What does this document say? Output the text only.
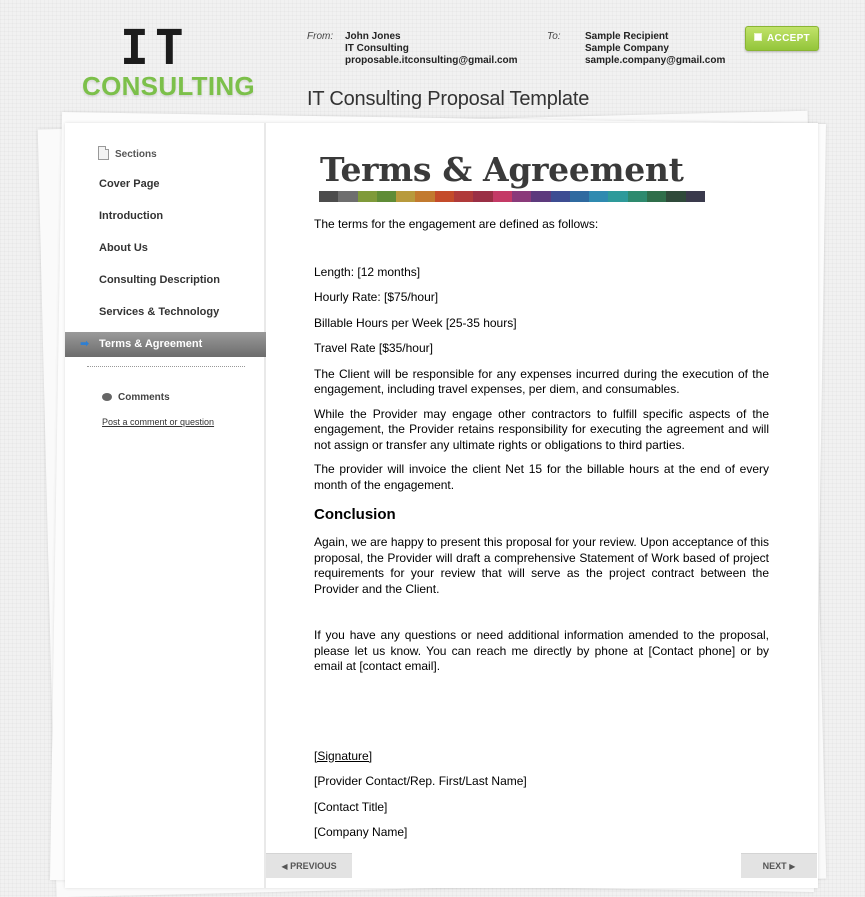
IT
CONSULTING
From: John Jones
IT Consulting
proposable.itconsulting@gmail.com
To: Sample Recipient
Sample Company
sample.company@gmail.com
ACCEPT
IT Consulting Proposal Template
Sections
Cover Page
Introduction
About Us
Consulting Description
Services & Technology
➡ Terms & Agreement
Comments
Post a comment or question
Terms & Agreement

The terms for the engagement are defined as follows:

Length: [12 months]

Hourly Rate: [$75/hour]

Billable Hours per Week [25-35 hours]

Travel Rate [$35/hour]

The Client will be responsible for any expenses incurred during the execution of the engagement, including travel expenses, per diem, and consumables.

While the Provider may engage other contractors to fulfill specific aspects of the engagement, the Provider retains responsibility for executing the agreement and will not assign or transfer any ultimate rights or obligations to third parties.

The provider will invoice the client Net 15 for the billable hours at the end of every month of the engagement.

Conclusion

Again, we are happy to present this proposal for your review. Upon acceptance of this proposal, the Provider will draft a comprehensive Statement of Work based of project requirements for your review that will serve as the project contract between the Provider and the Client.

If you have any questions or need additional information amended to the proposal, please let us know. You can reach me directly by phone at [Contact phone] or by email at [contact email].

[Signature]

[Provider Contact/Rep. First/Last Name]

[Contact Title]

[Company Name]

◀ PREVIOUS	NEXT ▶
